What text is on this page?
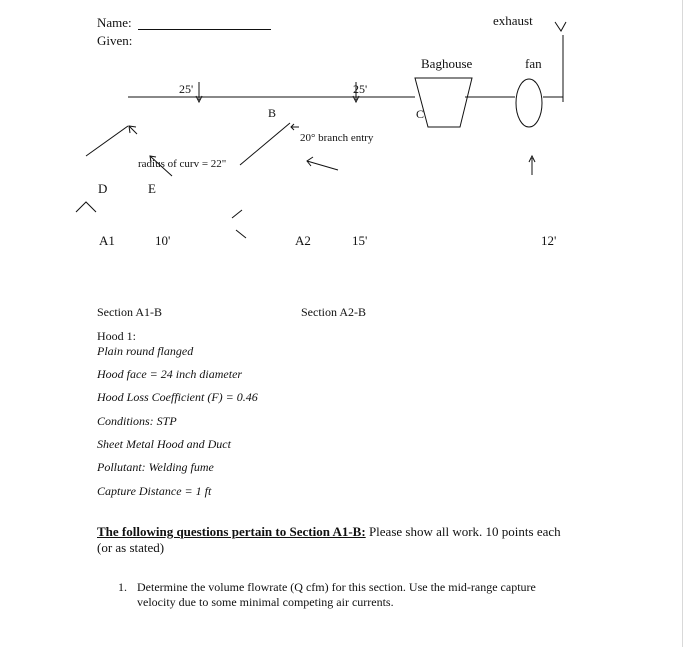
Name:
Given:
exhaust
fan
Baghouse
C
25'	25'
B
20° branch entry
radius of curv = 22"
D	E
A1	10'	A2	15'	12'
Section A1-B	Section A2-B
Hood 1:
Plain round flanged
Hood face = 24 inch diameter
Hood Loss Coefficient (F) = 0.46
Conditions: STP
Sheet Metal Hood and Duct
Pollutant: Welding fume
Capture Distance = 1 ft
The following questions pertain to Section A1-B: Please show all work. 10 points each (or as stated)
1. Determine the volume flowrate (Q cfm) for this section. Use the mid-range capture velocity due to some minimal competing air currents.
